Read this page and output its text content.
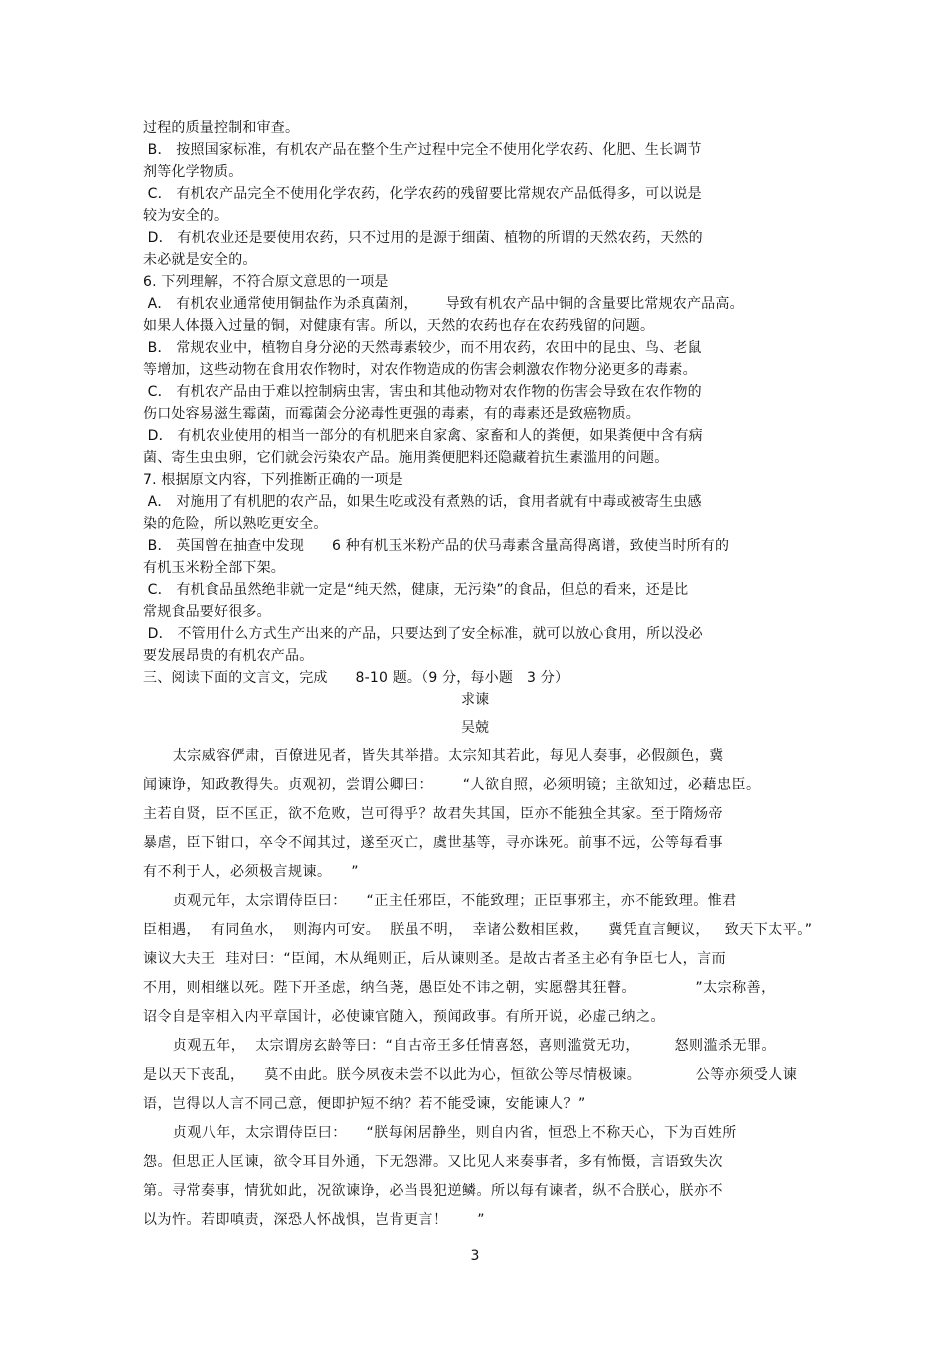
过程的质量控制和审查。
B． 按照国家标准，有机农产品在整个生产过程中完全不使用化学农药、化肥、生长调节
剂等化学物质。
C． 有机农产品完全不使用化学农药，化学农药的残留要比常规农产品低得多，可以说是
较为安全的。
D． 有机农业还是要使用农药，只不过用的是源于细菌、植物的所谓的天然农药，天然的
未必就是安全的。
6. 下列理解，不符合原文意思的一项是
A． 有机农业通常使用铜盐作为杀真菌剂，      导致有机农产品中铜的含量要比常规农产品高。
如果人体摄入过量的铜，对健康有害。所以，天然的农药也存在农药残留的问题。
B． 常规农业中，植物自身分泌的天然毒素较少，而不用农药，农田中的昆虫、鸟、老鼠
等增加，这些动物在食用农作物时，对农作物造成的伤害会刺激农作物分泌更多的毒素。
C． 有机农产品由于难以控制病虫害，害虫和其他动物对农作物的伤害会导致在农作物的
伤口处容易滋生霉菌，而霉菌会分泌毒性更强的毒素，有的毒素还是致癌物质。
D． 有机农业使用的相当一部分的有机肥来自家禽、家畜和人的粪便，如果粪便中含有病
菌、寄生虫虫卵，它们就会污染农产品。施用粪便肥料还隐藏着抗生素滥用的问题。
7. 根据原文内容，下列推断正确的一项是
A． 对施用了有机肥的农产品，如果生吃或没有煮熟的话，食用者就有中毒或被寄生虫感
染的危险，所以熟吃更安全。
B． 英国曾在抽查中发现      6 种有机玉米粉产品的伏马毒素含量高得离谱，致使当时所有的
有机玉米粉全部下架。
C． 有机食品虽然绝非就一定是“纯天然，健康，无污染”的食品，但总的看来，还是比
常规食品要好很多。
D． 不管用什么方式生产出来的产品，只要达到了安全标准，就可以放心食用，所以没必
要发展昂贵的有机农产品。
三、阅读下面的文言文，完成      8-10 题。（9 分，每小题   3 分）
求谏
吴兢
太宗威容俨肃，百僚进见者，皆失其举措。太宗知其若此，每见人奏事，必假颜色，冀
闻谏诤，知政教得失。贞观初，尝谓公卿曰：      “人欲自照，必须明镜；主欲知过，必藉忠臣。
主若自贤，臣不匡正，欲不危败，岂可得乎？故君失其国，臣亦不能独全其家。至于隋炀帝
暴虐，臣下钳口，卒令不闻其过，遂至灭亡，虞世基等，寻亦诛死。前事不远，公等每看事
有不利于人，必须极言规谏。    ”
贞观元年，太宗谓侍臣曰：    “正主任邪臣，不能致理；正臣事邪主，亦不能致理。惟君
臣相遇，  有同鱼水，  则海内可安。  朕虽不明，  幸诸公数相匡救，    冀凭直言鲠议，   致天下太平。”
谏议大夫王  珪对曰：“臣闻，木从绳则正，后从谏则圣。是故古者圣主必有争臣七人，言而
不用，则相继以死。陛下开圣虑，纳刍荛，愚臣处不讳之朝，实愿罄其狂瞽。            ”太宗称善，
诏令自是宰相入内平章国计，必使谏官随入，预闻政事。有所开说，必虚己纳之。
贞观五年，  太宗谓房玄龄等曰：“自古帝王多任情喜怒，喜则滥赏无功，       怒则滥杀无罪。
是以天下丧乱，    莫不由此。朕今夙夜未尝不以此为心，恒欲公等尽情极谏。           公等亦须受人谏
语，岂得以人言不同己意，便即护短不纳？若不能受谏，安能谏人？”
贞观八年，太宗谓侍臣曰：    “朕每闲居静坐，则自内省，恒恐上不称天心，下为百姓所
怨。但思正人匡谏，欲令耳目外通，下无怨滞。又比见人来奏事者，多有怖慑，言语致失次
第。寻常奏事，情犹如此，况欲谏诤，必当畏犯逆鳞。所以每有谏者，纵不合朕心，朕亦不
以为忤。若即嗔责，深恐人怀战惧，岂肯更言！      ”
3
